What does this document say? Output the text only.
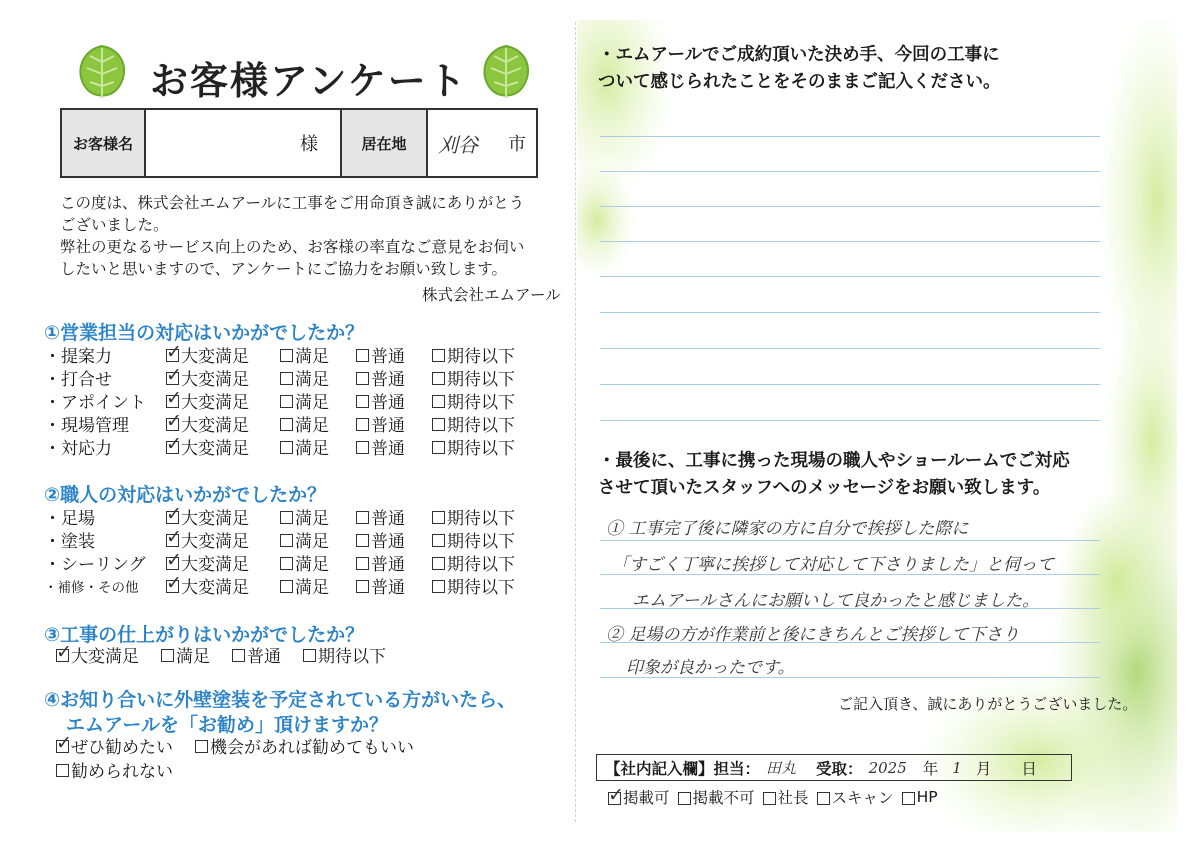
お客様アンケート
お客様名	様	居在地	刈谷 市
この度は、株式会社エムアールに工事をご用命頂き誠にありがとう
ございました。
弊社の更なるサービス向上のため、お客様の率直なご意見をお伺い
したいと思いますので、アンケートにご協力をお願い致します。
株式会社エムアール
①営業担当の対応はいかがでしたか？
・提案力	✓ 大変満足	満足 普通 期待以下
・打合せ	✓ 大変満足	満足 普通 期待以下
・アポイント	✓ 大変満足	満足 普通 期待以下
・現場管理	✓ 大変満足	満足 普通 期待以下
・対応力	✓ 大変満足	満足 普通 期待以下
②職人の対応はいかがでしたか？
・足場	✓ 大変満足	満足 普通 期待以下
・塗装	✓ 大変満足	満足 普通 期待以下
・シーリング	✓ 大変満足	満足 普通 期待以下
・補修・その他	✓ 大変満足	満足 普通 期待以下
③工事の仕上がりはいかがでしたか？
✓ 大変満足 満足 普通 期待以下
④お知り合いに外壁塗装を予定されている方がいたら、
エムアールを「お勧め」頂けますか？
✓ ぜひ勧めたい 機会があれば勧めてもいい
勧められない
・エムアールでご成約頂いた決め手、今回の工事に
ついて感じられたことをそのままご記入ください。
・最後に、工事に携った現場の職人やショールームでご対応
させて頂いたスタッフへのメッセージをお願い致します。
① 工事完了後に隣家の方に自分で挨拶した際に
「すごく丁寧に挨拶して対応して下さりました」と伺って
エムアールさんにお願いして良かったと感じました。
② 足場の方が作業前と後にきちんとご挨拶して下さり
印象が良かったです。
ご記入頂き、誠にありがとうございました。
【社内記入欄】 担当： 田丸 受取： 2025 年 1 月 日
✓ 掲載可 掲載不可 社長 スキャン HP
